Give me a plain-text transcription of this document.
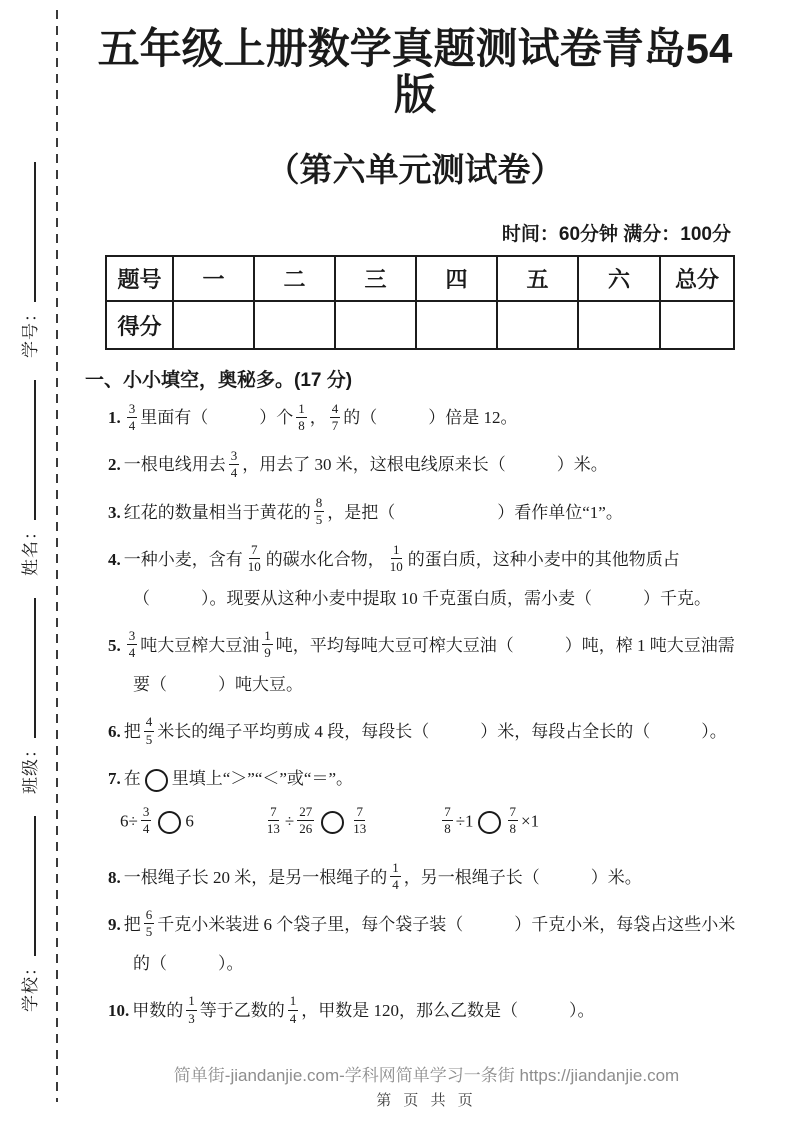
学校：
班级：
姓名：
学号：
五年级上册数学真题测试卷青岛54版
（第六单元测试卷）
时间：60分钟 满分：100分
题号	一	二	三	四	五	六	总分
得分							
一、小小填空，奥秘多。(17 分)
1. $\frac{3}{4}$ 里面有（　　　）个 $\frac{1}{8}$ ， $\frac{4}{7}$ 的（　　　）倍是 12。
2. 一根电线用去 $\frac{3}{4}$ ，用去了 30 米，这根电线原来长（　　　）米。
3. 红花的数量相当于黄花的 $\frac{8}{5}$ ，是把（　　　　　　）看作单位“1”。
4. 一种小麦，含有 $\frac{7}{10}$ 的碳水化合物， $\frac{1}{10}$ 的蛋白质，这种小麦中的其他物质占（　　　）。现要从这种小麦中提取 10 千克蛋白质，需小麦（　　　）千克。
5. $\frac{3}{4}$ 吨大豆榨大豆油 $\frac{1}{9}$ 吨，平均每吨大豆可榨大豆油（　　　）吨，榨 1 吨大豆油需要（　　　）吨大豆。
6. 把 $\frac{4}{5}$ 米长的绳子平均剪成 4 段，每段长（　　　）米，每段占全长的（　　　）。
7. 在 里填上“＞”“＜”或“＝”。
$6\div \frac{3}{4} 6$	$\frac{7}{13} \div \frac{27}{26}$	$\frac{7}{13}$	$\frac{7}{8} \div 1$	$\frac{7}{8} \times 1$
8. 一根绳子长 20 米，是另一根绳子的 $\frac{1}{4}$ ，另一根绳子长（　　　）米。
9. 把 $\frac{6}{5}$ 千克小米装进 6 个袋子里，每个袋子装（　　　）千克小米，每袋占这些小米的（　　　）。
10. 甲数的 $\frac{1}{3}$ 等于乙数的 $\frac{1}{4}$ ，甲数是 120，那么乙数是（　　　）。
简单街-jiandanjie.com-学科网简单学习一条街 https://jiandanjie.com
第 页 共 页
